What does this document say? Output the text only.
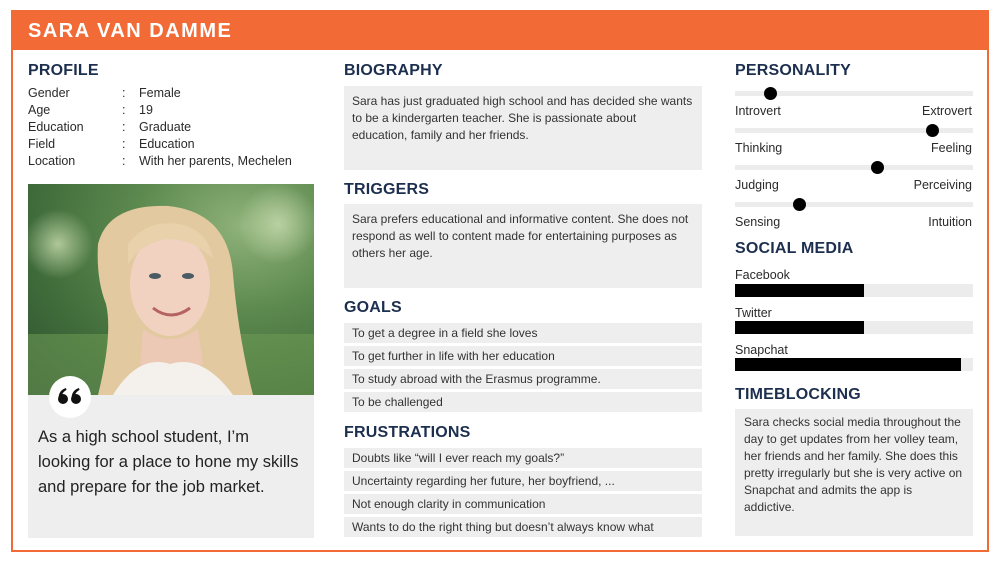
SARA VAN DAMME
PROFILE
Gender	: Female
Age	: 19
Education	: Graduate
Field	: Education
Location	: With her parents, Mechelen
As a high school student, I’m looking for a place to hone my skills and prepare for the job market.
BIOGRAPHY
Sara has just graduated high school and has decided she wants to be a kindergarten teacher. She is passionate about education, family and her friends.
TRIGGERS
Sara prefers educational and informative content. She does not respond as well to content made for entertaining purposes as others her age.
GOALS
To get a degree in a field she loves
To get further in life with her education
To study abroad with the Erasmus programme.
To be challenged
FRUSTRATIONS
Doubts like “will I ever reach my goals?”
Uncertainty regarding her future, her boyfriend, ...
Not enough clarity in communication
Wants to do the right thing but doesn’t always know what
PERSONALITY
Introvert	Extrovert
Thinking	Feeling
Judging	Perceiving
Sensing	Intuition
SOCIAL MEDIA
Facebook
Twitter
Snapchat
TIMEBLOCKING
Sara checks social media throughout the day to get updates from her volley team, her friends and her family. She does this pretty irregularly but she is very active on Snapchat and admits the app is addictive.
